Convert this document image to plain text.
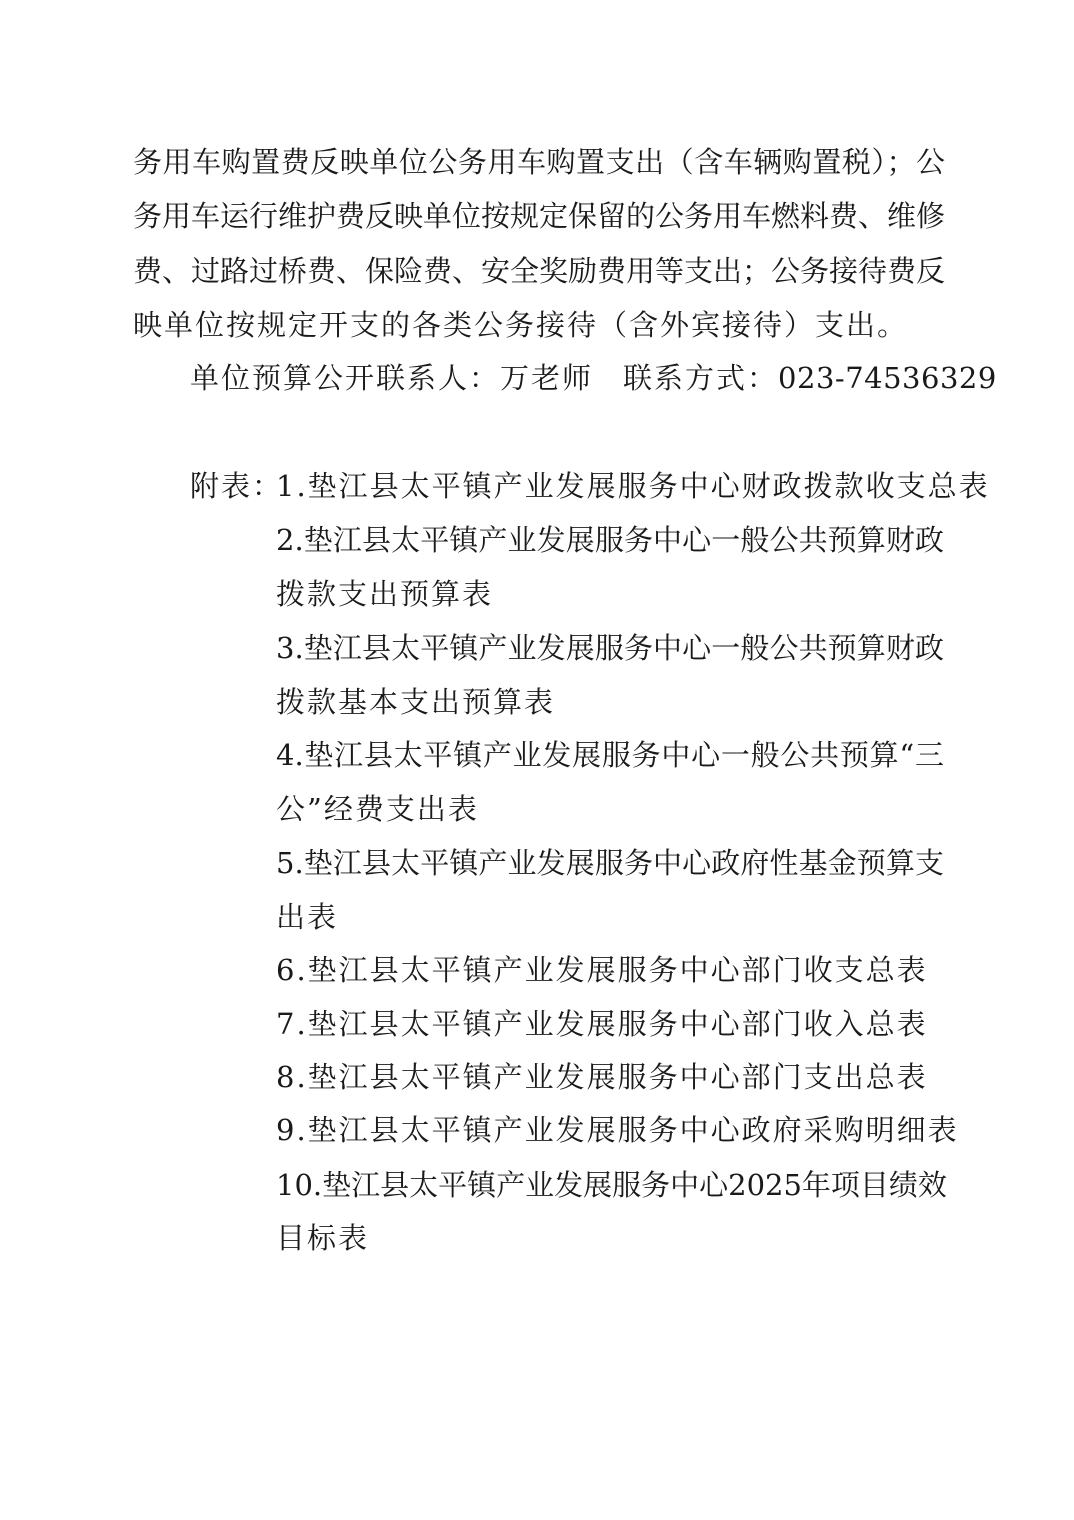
务用车购置费反映单位公务用车购置支出（含车辆购置税）；公
务用车运行维护费反映单位按规定保留的公务用车燃料费、维修
费、过路过桥费、保险费、安全奖励费用等支出；公务接待费反
映单位按规定开支的各类公务接待（含外宾接待）支出。
单位预算公开联系人：万老师 联系方式：023-74536329
附表：
1.垫江县太平镇产业发展服务中心财政拨款收支总表
2.垫江县太平镇产业发展服务中心一般公共预算财政
拨款支出预算表
3.垫江县太平镇产业发展服务中心一般公共预算财政
拨款基本支出预算表
4.垫江县太平镇产业发展服务中心一般公共预算“三
公”经费支出表
5.垫江县太平镇产业发展服务中心政府性基金预算支
出表
6.垫江县太平镇产业发展服务中心部门收支总表
7.垫江县太平镇产业发展服务中心部门收入总表
8.垫江县太平镇产业发展服务中心部门支出总表
9.垫江县太平镇产业发展服务中心政府采购明细表
10.垫江县太平镇产业发展服务中心2025年项目绩效
目标表
